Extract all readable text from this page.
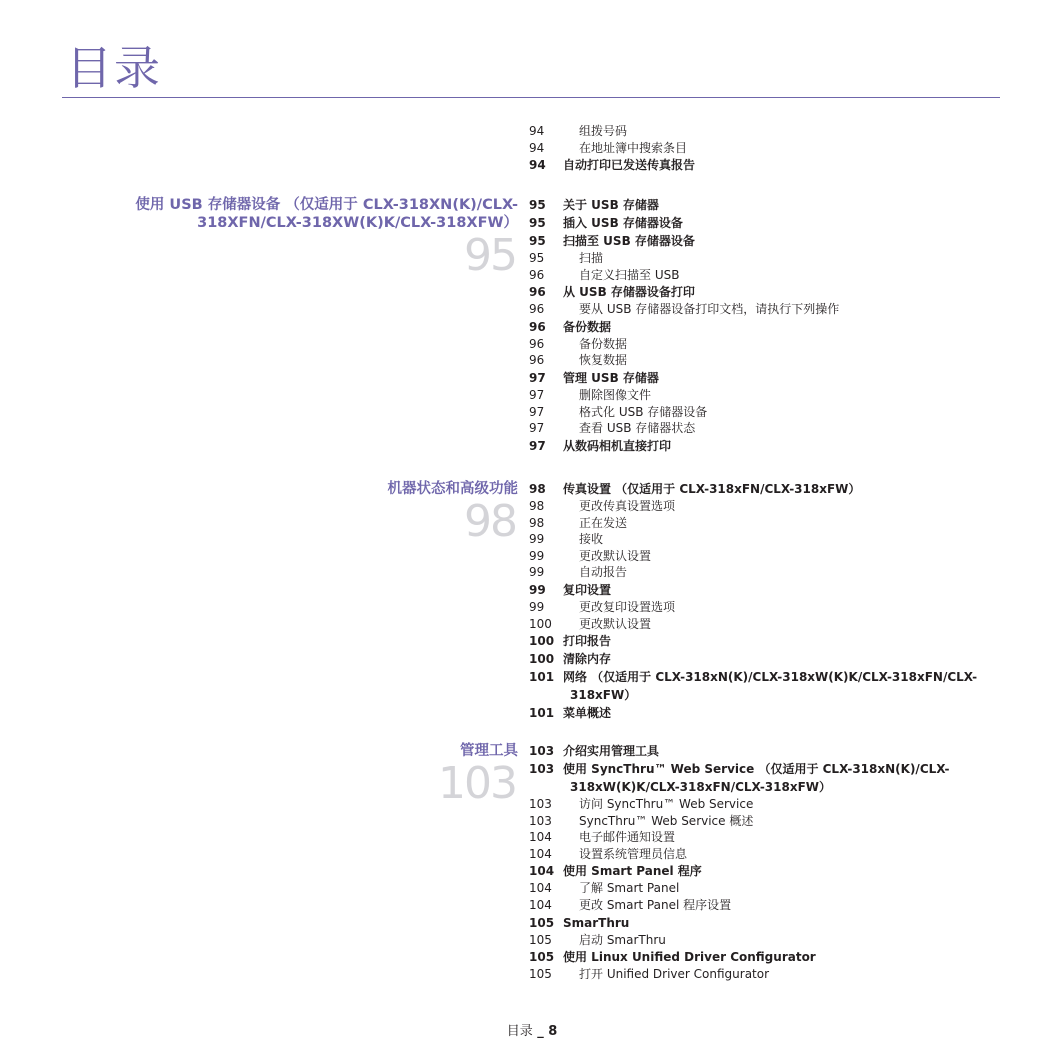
目录
94	组拨号码
94	在地址簿中搜索条目
94	自动打印已发送传真报告
使用 USB 存储器设备 （仅适用于 CLX-318XN(K)/CLX-
318XFN/CLX-318XW(K)K/CLX-318XFW）
95
95	关于 USB 存储器
95	插入 USB 存储器设备
95	扫描至 USB 存储器设备
95	扫描
96	自定义扫描至 USB
96	从 USB 存储器设备打印
96	要从 USB 存储器设备打印文档，请执行下列操作
96	备份数据
96	备份数据
96	恢复数据
97	管理 USB 存储器
97	删除图像文件
97	格式化 USB 存储器设备
97	查看 USB 存储器状态
97	从数码相机直接打印
机器状态和高级功能
98
98	传真设置 （仅适用于 CLX-318xFN/CLX-318xFW）
98	更改传真设置选项
98	正在发送
99	接收
99	更改默认设置
99	自动报告
99	复印设置
99	更改复印设置选项
100	更改默认设置
100 打印报告
100 清除内存
101 网络 （仅适用于 CLX-318xN(K)/CLX-318xW(K)K/CLX-318xFN/CLX-
318xFW）
101 菜单概述
管理工具
103
103 介绍实用管理工具
103 使用 SyncThru™ Web Service （仅适用于 CLX-318xN(K)/CLX-
318xW(K)K/CLX-318xFN/CLX-318xFW）
103	访问 SyncThru™ Web Service
103	SyncThru™ Web Service 概述
104	电子邮件通知设置
104	设置系统管理员信息
104 使用 Smart Panel 程序
104	了解 Smart Panel
104	更改 Smart Panel 程序设置
105 SmarThru
105	启动 SmarThru
105 使用 Linux Unified Driver Configurator
105	打开 Unified Driver Configurator
目录 _ 8
